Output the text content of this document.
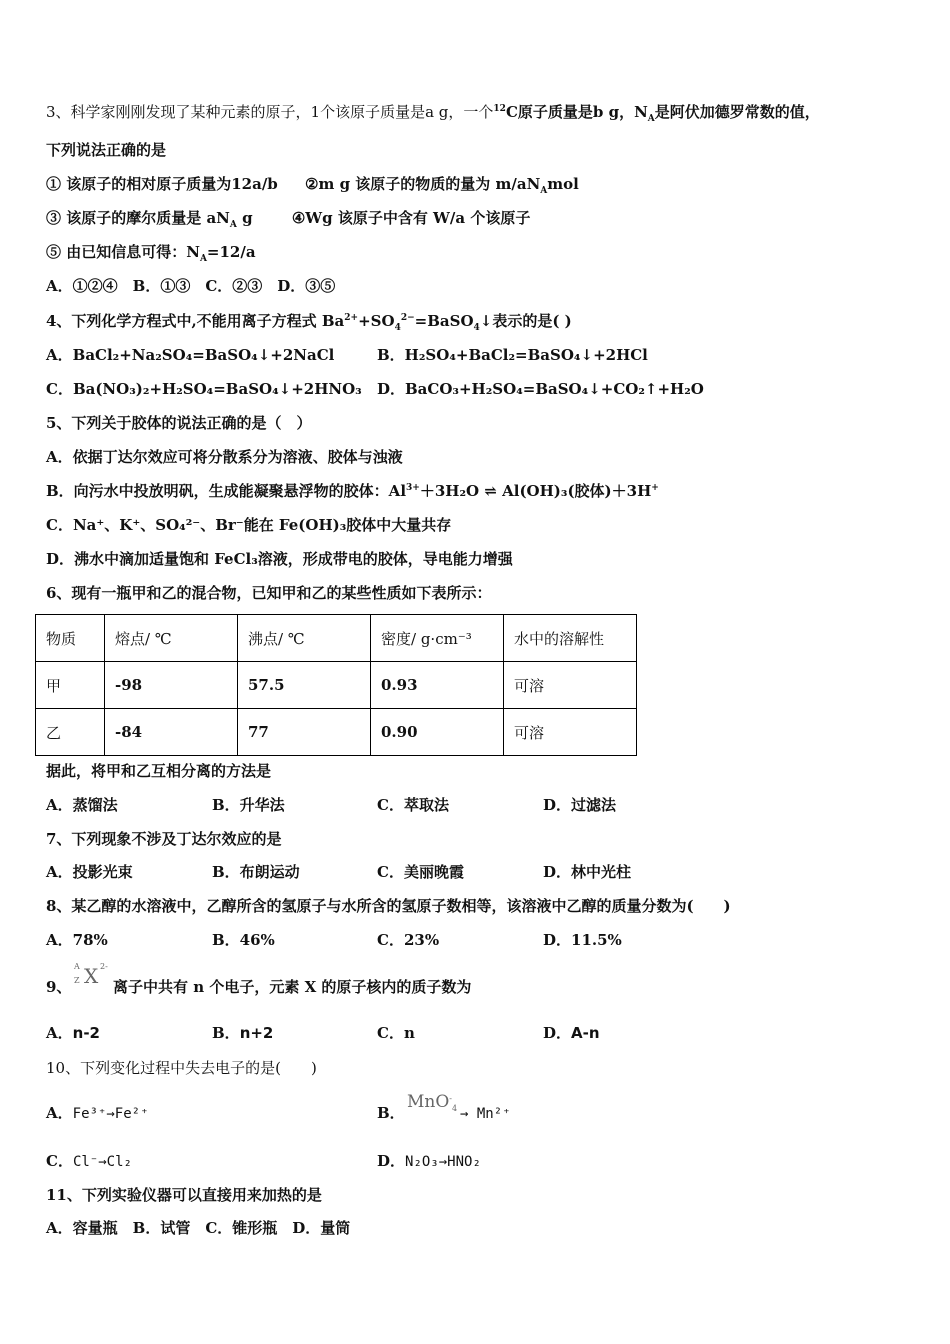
3、科学家刚刚发现了某种元素的原子，1个该原子质量是a g，一个$^{12}$C原子质量是b g，$N_A$是阿伏加德罗常数的值，
下列说法正确的是
① 该原子的相对原子质量为12a/b ②m g 该原子的物质的量为 $m/aN_Amol$
③ 该原子的摩尔质量是 $aN_A$ g	④Wg 该原子中含有 W/a 个该原子
⑤ 由已知信息可得：$N_A=12/a$
A．①②④　B．①③　C．②③　D．③⑤
4、下列化学方程式中,不能用离子方程式 $Ba^{2+}+SO_4^{2-}=BaSO_4↓$表示的是( )
A．BaCl₂+Na₂SO₄=BaSO₄↓+2NaCl	B．H₂SO₄+BaCl₂=BaSO₄↓+2HCl
C．Ba(NO₃)₂+H₂SO₄=BaSO₄↓+2HNO₃ D．BaCO₃+H₂SO₄=BaSO₄↓+CO₂↑+H₂O
5、下列关于胶体的说法正确的是（　）
A．依据丁达尔效应可将分散系分为溶液、胶体与浊液
B．向污水中投放明矾，生成能凝聚悬浮物的胶体：$Al^{3+}+3H_2O$ ⇌ Al(OH)₃(胶体)＋3H+
C．Na⁺、K⁺、SO₄²⁻、Br⁻能在 Fe(OH)₃胶体中大量共存
D．沸水中滴加适量饱和 FeCl₃溶液，形成带电的胶体，导电能力增强
6、现有一瓶甲和乙的混合物，已知甲和乙的某些性质如下表所示：
物质	熔点/ ℃	沸点/ ℃	密度/ g·cm⁻³	水中的溶解性
甲	-98	57.5	0.93	可溶
乙	-84	77	0.90	可溶
据此，将甲和乙互相分离的方法是
A．蒸馏法	B．升华法	C．萃取法	D．过滤法
7、下列现象不涉及丁达尔效应的是
A．投影光束	B．布朗运动	C．美丽晚霞	D．林中光柱
8、某乙醇的水溶液中，乙醇所含的氢原子与水所含的氢原子数相等，该溶液中乙醇的质量分数为(　　)
A．78%	B．46%	C．23%	D．11.5%
9、
A
Z X 2-
离子中共有 n 个电子，元素 X 的原子核内的质子数为
A．n-2	B．n+2	C．n	D．A-n
10、下列变化过程中失去电子的是(　　)
A．Fe³⁺→Fe²⁺	B．
MnO-$_4$ → Mn²⁺
C．Cl⁻→Cl₂	D．N₂O₃→HNO₂
11、下列实验仪器可以直接用来加热的是
A．容量瓶　B．试管　C．锥形瓶　D．量筒
